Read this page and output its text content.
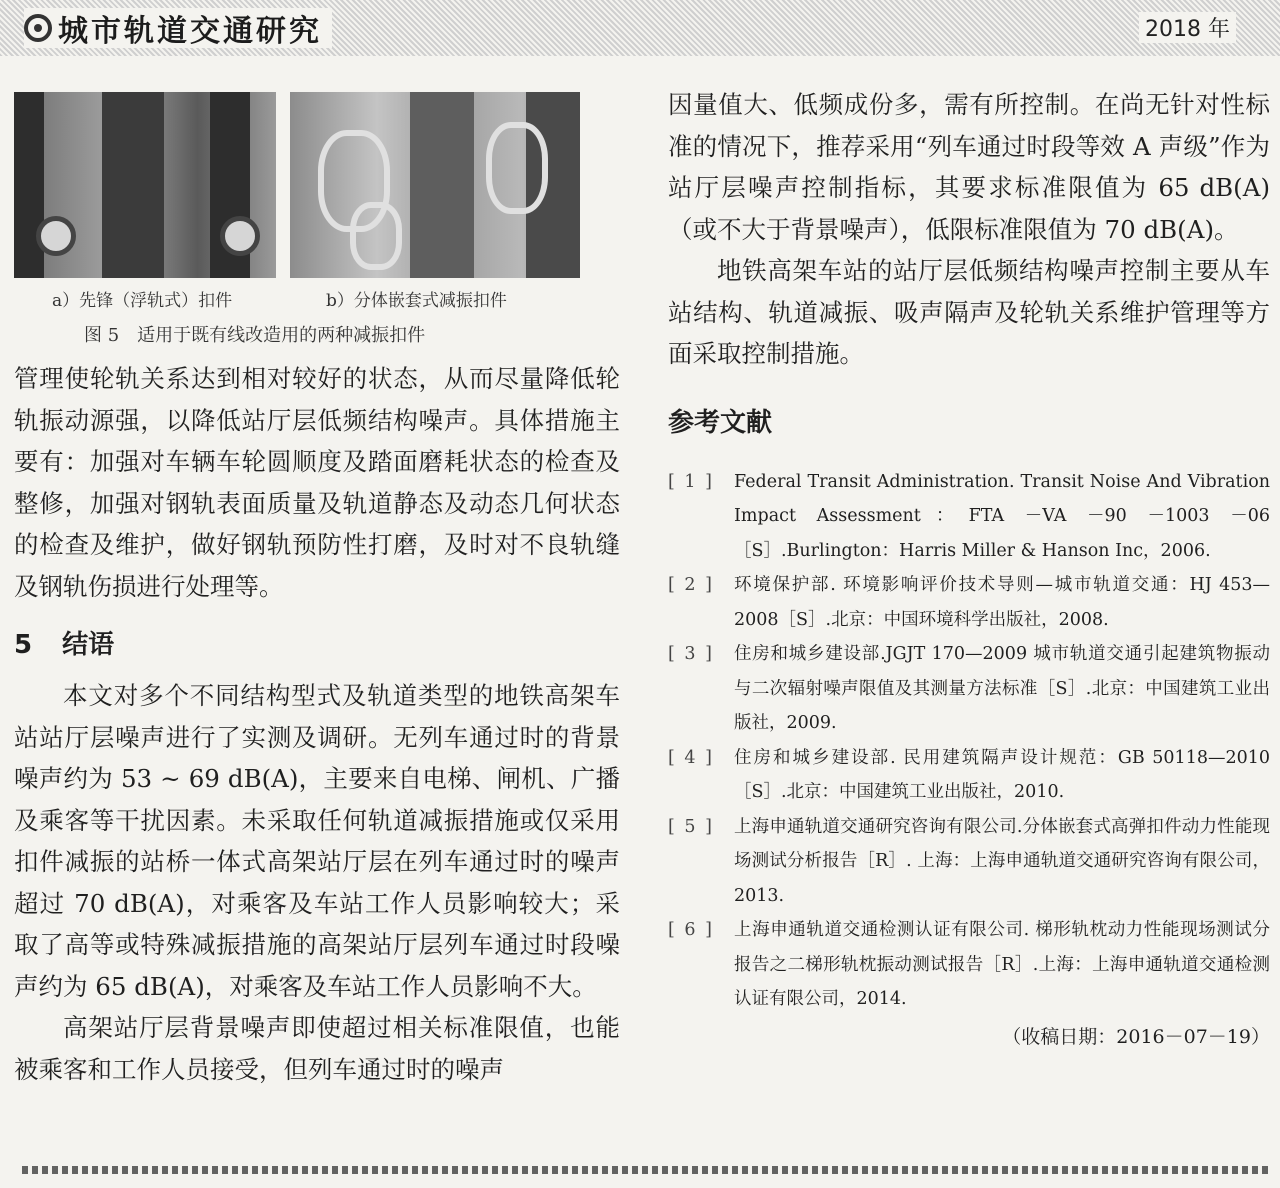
城市轨道交通研究	2018 年
a）先锋（浮轨式）扣件	b）分体嵌套式减振扣件
图 5　适用于既有线改造用的两种减振扣件

管理使轮轨关系达到相对较好的状态，从而尽量降低轮轨振动源强，以降低站厅层低频结构噪声。具体措施主要有：加强对车辆车轮圆顺度及踏面磨耗状态的检查及整修，加强对钢轨表面质量及轨道静态及动态几何状态的检查及维护，做好钢轨预防性打磨，及时对不良轨缝及钢轨伤损进行处理等。

5 结语

本文对多个不同结构型式及轨道类型的地铁高架车站站厅层噪声进行了实测及调研。无列车通过时的背景噪声约为 53 ~ 69 dB(A)，主要来自电梯、闸机、广播及乘客等干扰因素。未采取任何轨道减振措施或仅采用扣件减振的站桥一体式高架站厅层在列车通过时的噪声超过 70 dB(A)，对乘客及车站工作人员影响较大；采取了高等或特殊减振措施的高架站厅层列车通过时段噪声约为 65 dB(A)，对乘客及车站工作人员影响不大。

高架站厅层背景噪声即使超过相关标准限值，也能被乘客和工作人员接受，但列车通过时的噪声

因量值大、低频成份多，需有所控制。在尚无针对性标准的情况下，推荐采用“列车通过时段等效 A 声级”作为站厅层噪声控制指标，其要求标准限值为 65 dB(A)（或不大于背景噪声），低限标准限值为 70 dB(A)。

地铁高架车站的站厅层低频结构噪声控制主要从车站结构、轨道减振、吸声隔声及轮轨关系维护管理等方面采取控制措施。

参考文献
[ 1 ]	Federal Transit Administration. Transit Noise And Vibration Impact Assessment：FTA －VA －90 －1003 －06［S］.Burlington：Harris Miller & Hanson Inc，2006.
[ 2 ]	环境保护部. 环境影响评价技术导则—城市轨道交通：HJ 453—2008［S］.北京：中国环境科学出版社，2008.
[ 3 ]	住房和城乡建设部.JGJT 170—2009 城市轨道交通引起建筑物振动与二次辐射噪声限值及其测量方法标准［S］.北京：中国建筑工业出版社，2009.
[ 4 ]	住房和城乡建设部. 民用建筑隔声设计规范：GB 50118—2010［S］.北京：中国建筑工业出版社，2010.
[ 5 ]	上海申通轨道交通研究咨询有限公司.分体嵌套式高弹扣件动力性能现场测试分析报告［R］. 上海：上海申通轨道交通研究咨询有限公司，2013.
[ 6 ]	上海申通轨道交通检测认证有限公司. 梯形轨枕动力性能现场测试分报告之二梯形轨枕振动测试报告［R］.上海：上海申通轨道交通检测认证有限公司，2014.
（收稿日期：2016－07－19）
